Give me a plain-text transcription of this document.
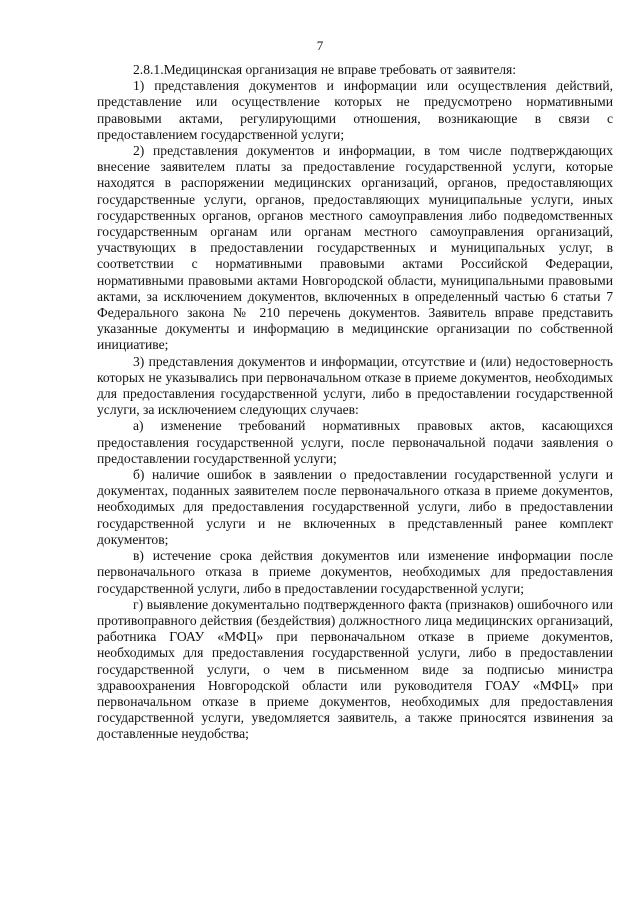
7

2.8.1.Медицинская организация не вправе требовать от заявителя:

1) представления документов и информации или осуществления действий, представление или осуществление которых не предусмотрено нормативными правовыми актами, регулирующими отношения, возникающие в связи с предоставлением государственной услуги;

2) представления документов и информации, в том числе подтверждающих внесение заявителем платы за предоставление государственной услуги, которые находятся в распоряжении медицинских организаций, органов, предоставляющих государственные услуги, органов, предоставляющих муниципальные услуги, иных государственных органов, органов местного самоуправления либо подведомственных государственным органам или органам местного самоуправления организаций, участвующих в предоставлении государственных и муниципальных услуг, в соответствии с нормативными правовыми актами Российской Федерации, нормативными правовыми актами Новгородской области, муниципальными правовыми актами, за исключением документов, включенных в определенный частью 6 статьи 7 Федерального закона № 210 перечень документов. Заявитель вправе представить указанные документы и информацию в медицинские организации по собственной инициативе;

3) представления документов и информации, отсутствие и (или) недостоверность которых не указывались при первоначальном отказе в приеме документов, необходимых для предоставления государственной услуги, либо в предоставлении государственной услуги, за исключением следующих случаев:

а) изменение требований нормативных правовых актов, касающихся предоставления государственной услуги, после первоначальной подачи заявления о предоставлении государственной услуги;

б) наличие ошибок в заявлении о предоставлении государственной услуги и документах, поданных заявителем после первоначального отказа в приеме документов, необходимых для предоставления государственной услуги, либо в предоставлении государственной услуги и не включенных в представленный ранее комплект документов;

в) истечение срока действия документов или изменение информации после первоначального отказа в приеме документов, необходимых для предоставления государственной услуги, либо в предоставлении государственной услуги;

г) выявление документально подтвержденного факта (признаков) ошибочного или противоправного действия (бездействия) должностного лица медицинских организаций, работника ГОАУ «МФЦ» при первоначальном отказе в приеме документов, необходимых для предоставления государственной услуги, либо в предоставлении государственной услуги, о чем в письменном виде за подписью министра здравоохранения Новгородской области или руководителя ГОАУ «МФЦ» при первоначальном отказе в приеме документов, необходимых для предоставления государственной услуги, уведомляется заявитель, а также приносятся извинения за доставленные неудобства;
